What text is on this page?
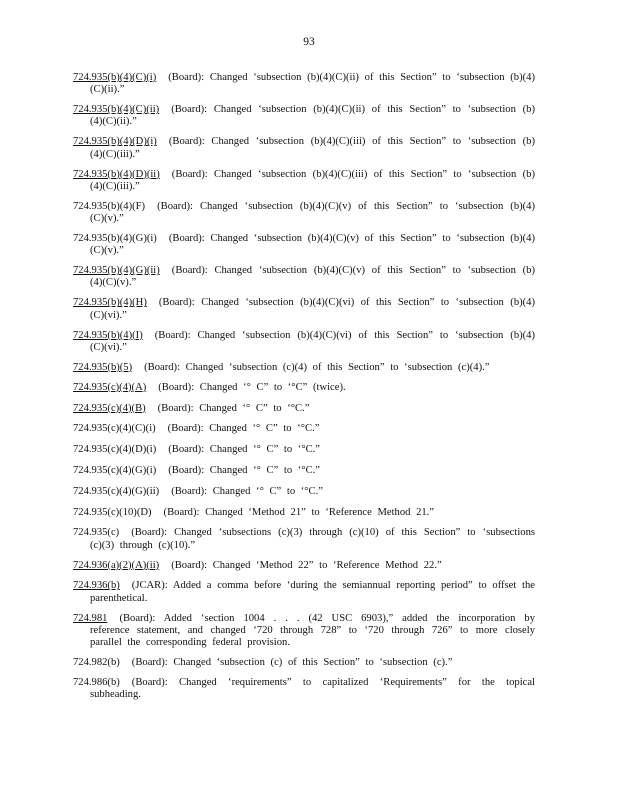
93
724.935(b)(4)(C)(i) (Board): Changed ‘subsection (b)(4)(C)(ii) of this Section” to ‘subsection (b)(4)(C)(ii).”
724.935(b)(4)(C)(ii) (Board): Changed ‘subsection (b)(4)(C)(ii) of this Section” to ‘subsection (b)(4)(C)(ii).”
724.935(b)(4)(D)(i) (Board): Changed ‘subsection (b)(4)(C)(iii) of this Section” to ‘subsection (b)(4)(C)(iii).”
724.935(b)(4)(D)(ii) (Board): Changed ‘subsection (b)(4)(C)(iii) of this Section” to ‘subsection (b)(4)(C)(iii).”
724.935(b)(4)(F) (Board): Changed ‘subsection (b)(4)(C)(v) of this Section” to ‘subsection (b)(4)(C)(v).”
724.935(b)(4)(G)(i) (Board): Changed ‘subsection (b)(4)(C)(v) of this Section” to ‘subsection (b)(4)(C)(v).”
724.935(b)(4)(G)(ii) (Board): Changed ‘subsection (b)(4)(C)(v) of this Section” to ‘subsection (b)(4)(C)(v).”
724.935(b)(4)(H) (Board): Changed ‘subsection (b)(4)(C)(vi) of this Section” to ‘subsection (b)(4)(C)(vi).”
724.935(b)(4)(I) (Board): Changed ‘subsection (b)(4)(C)(vi) of this Section” to ‘subsection (b)(4)(C)(vi).”
724.935(b)(5) (Board): Changed ‘subsection (c)(4) of this Section” to ‘subsection (c)(4).”
724.935(c)(4)(A) (Board): Changed ‘° C” to ‘°C” (twice).
724.935(c)(4)(B) (Board): Changed ‘° C” to ‘°C.”
724.935(c)(4)(C)(i) (Board): Changed ‘° C” to ‘°C.”
724.935(c)(4)(D)(i) (Board): Changed ‘° C” to ‘°C.”
724.935(c)(4)(G)(i) (Board): Changed ‘° C” to ‘°C.”
724.935(c)(4)(G)(ii) (Board): Changed ‘° C” to ‘°C.”
724.935(c)(10)(D) (Board): Changed ‘Method 21” to ‘Reference Method 21.”
724.935(c) (Board): Changed ‘subsections (c)(3) through (c)(10) of this Section” to ‘subsections (c)(3) through (c)(10).”
724.936(a)(2)(A)(ii) (Board): Changed ‘Method 22” to ‘Reference Method 22.”
724.936(b) (JCAR): Added a comma before ‘during the semiannual reporting period” to offset the parenthetical.
724.981 (Board): Added ‘section 1004 . . . (42 USC 6903),” added the incorporation by reference statement, and changed ‘720 through 728” to ‘720 through 726” to more closely parallel the corresponding federal provision.
724.982(b) (Board): Changed ‘subsection (c) of this Section” to ‘subsection (c).”
724.986(b) (Board): Changed ‘requirements” to capitalized ‘Requirements” for the topical subheading.
